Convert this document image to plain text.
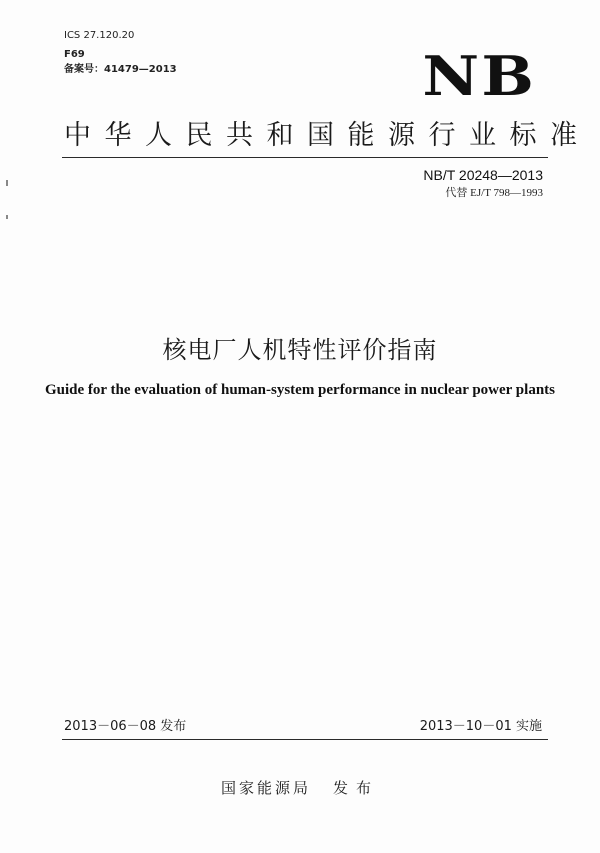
ICS 27.120.20
F69
备案号：41479—2013	NB
中华人民共和国能源行业标准
NB/T 20248—2013
代替 EJ/T 798—1993
核电厂人机特性评价指南
Guide for the evaluation of human-system performance in nuclear power plants
2013－06－08 发布	2013－10－01 实施
国家能源局 发布
